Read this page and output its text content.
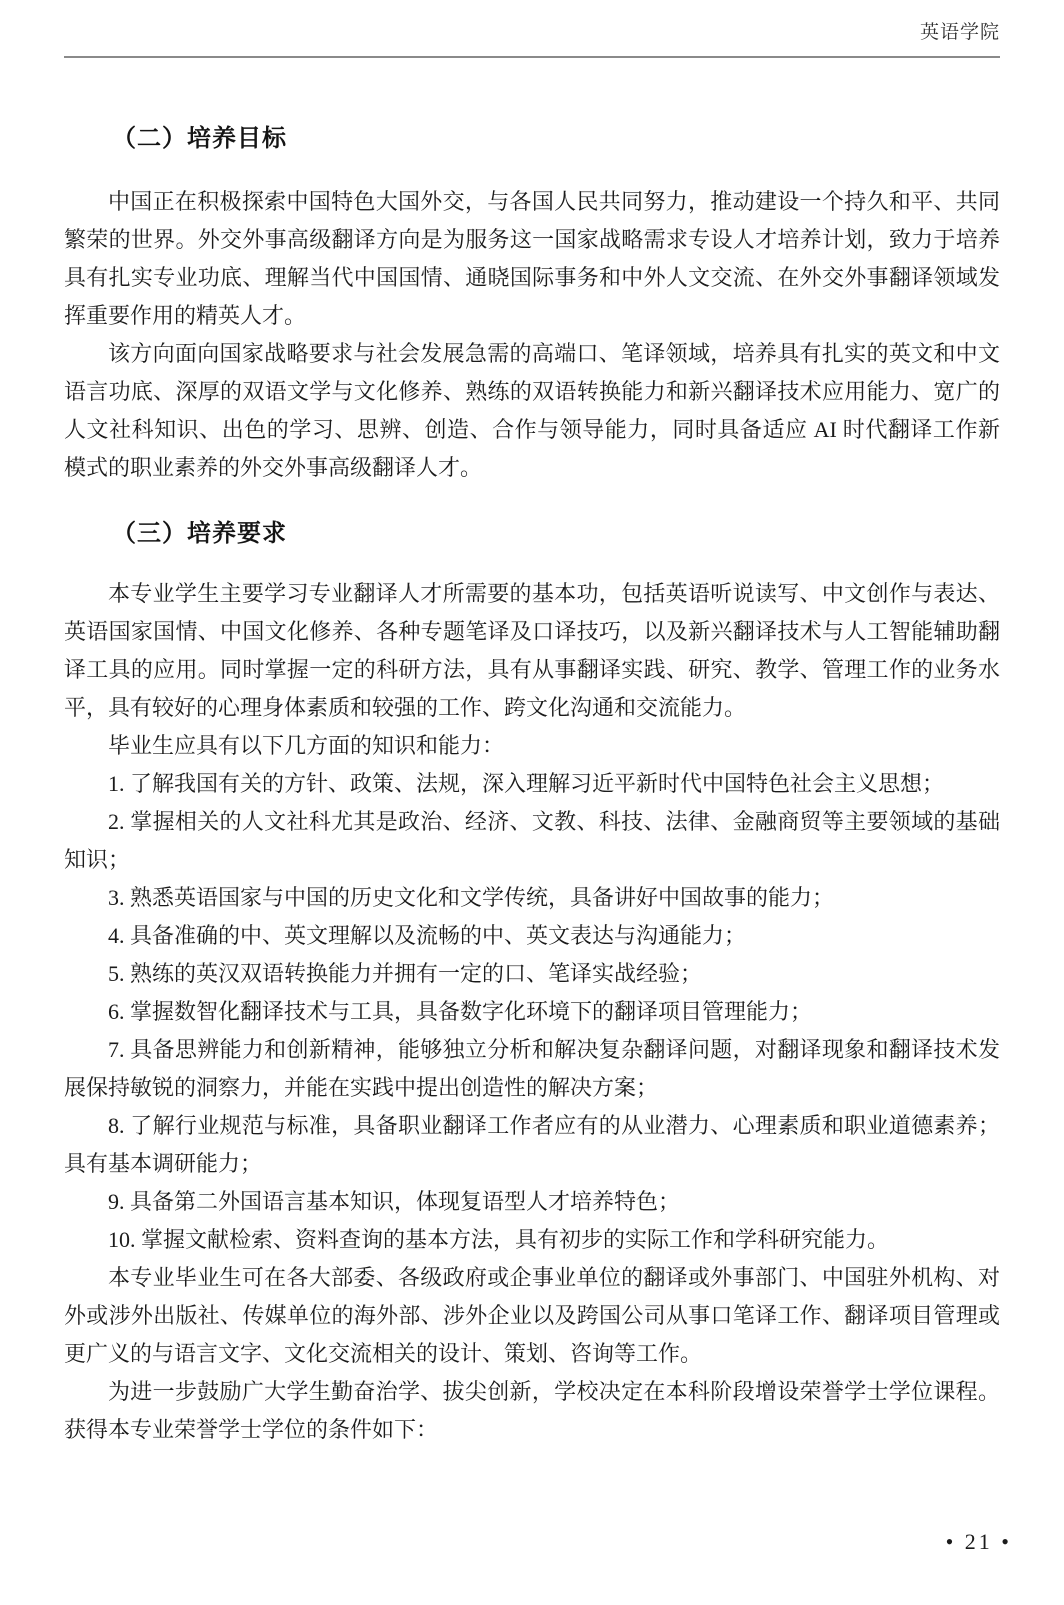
英语学院
（二）培养目标

中国正在积极探索中国特色大国外交，与各国人民共同努力，推动建设一个持久和平、共同繁荣的世界。外交外事高级翻译方向是为服务这一国家战略需求专设人才培养计划，致力于培养具有扎实专业功底、理解当代中国国情、通晓国际事务和中外人文交流、在外交外事翻译领域发挥重要作用的精英人才。

该方向面向国家战略要求与社会发展急需的高端口、笔译领域，培养具有扎实的英文和中文语言功底、深厚的双语文学与文化修养、熟练的双语转换能力和新兴翻译技术应用能力、宽广的人文社科知识、出色的学习、思辨、创造、合作与领导能力，同时具备适应 AI 时代翻译工作新模式的职业素养的外交外事高级翻译人才。

（三）培养要求

本专业学生主要学习专业翻译人才所需要的基本功，包括英语听说读写、中文创作与表达、英语国家国情、中国文化修养、各种专题笔译及口译技巧，以及新兴翻译技术与人工智能辅助翻译工具的应用。同时掌握一定的科研方法，具有从事翻译实践、研究、教学、管理工作的业务水平，具有较好的心理身体素质和较强的工作、跨文化沟通和交流能力。

毕业生应具有以下几方面的知识和能力：

1. 了解我国有关的方针、政策、法规，深入理解习近平新时代中国特色社会主义思想；

2. 掌握相关的人文社科尤其是政治、经济、文教、科技、法律、金融商贸等主要领域的基础知识；

3. 熟悉英语国家与中国的历史文化和文学传统，具备讲好中国故事的能力；

4. 具备准确的中、英文理解以及流畅的中、英文表达与沟通能力；

5. 熟练的英汉双语转换能力并拥有一定的口、笔译实战经验；

6. 掌握数智化翻译技术与工具，具备数字化环境下的翻译项目管理能力；

7. 具备思辨能力和创新精神，能够独立分析和解决复杂翻译问题，对翻译现象和翻译技术发展保持敏锐的洞察力，并能在实践中提出创造性的解决方案；

8. 了解行业规范与标准，具备职业翻译工作者应有的从业潜力、心理素质和职业道德素养；具有基本调研能力；

9. 具备第二外国语言基本知识，体现复语型人才培养特色；

10. 掌握文献检索、资料查询的基本方法，具有初步的实际工作和学科研究能力。

本专业毕业生可在各大部委、各级政府或企事业单位的翻译或外事部门、中国驻外机构、对外或涉外出版社、传媒单位的海外部、涉外企业以及跨国公司从事口笔译工作、翻译项目管理或更广义的与语言文字、文化交流相关的设计、策划、咨询等工作。

为进一步鼓励广大学生勤奋治学、拔尖创新，学校决定在本科阶段增设荣誉学士学位课程。获得本专业荣誉学士学位的条件如下：

• 21 •
